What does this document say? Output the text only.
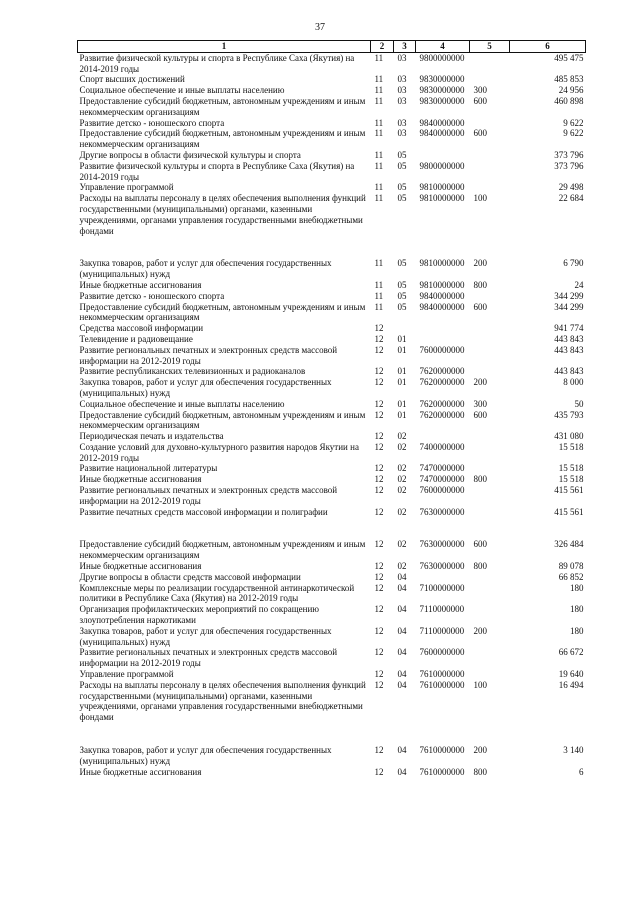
37
1	2	3	4	5	6
Развитие физической культуры и спорта в Республике Саха (Якутия) на 2014-2019 годы	11	03	9800000000		495 475
Спорт высших достижений	11	03	9830000000		485 853
Социальное обеспечение и иные выплаты населению	11	03	9830000000	300	24 956
Предоставление субсидий бюджетным, автономным учреждениям и иным некоммерческим организациям	11	03	9830000000	600	460 898
Развитие детско - юношеского спорта	11	03	9840000000		9 622
Предоставление субсидий бюджетным, автономным учреждениям и иным некоммерческим организациям	11	03	9840000000	600	9 622
Другие вопросы в области физической культуры и спорта	11	05			373 796
Развитие физической культуры и спорта в Республике Саха (Якутия) на 2014-2019 годы	11	05	9800000000		373 796
Управление программой	11	05	9810000000		29 498
Расходы на выплаты персоналу в целях обеспечения выполнения функций государственными (муниципальными) органами, казенными учреждениями, органами управления государственными внебюджетными фондами	11	05	9810000000	100	22 684

Закупка товаров, работ и услуг для обеспечения государственных (муниципальных) нужд	11	05	9810000000	200	6 790
Иные бюджетные ассигнования	11	05	9810000000	800	24
Развитие детско - юношеского спорта	11	05	9840000000		344 299
Предоставление субсидий бюджетным, автономным учреждениям и иным некоммерческим организациям	11	05	9840000000	600	344 299
Средства массовой информации	12				941 774
Телевидение и радиовещание	12	01			443 843
Развитие региональных печатных и электронных средств массовой информации на 2012-2019 годы	12	01	7600000000		443 843
Развитие республиканских телевизионных и радиоканалов	12	01	7620000000		443 843
Закупка товаров, работ и услуг для обеспечения государственных (муниципальных) нужд	12	01	7620000000	200	8 000
Социальное обеспечение и иные выплаты населению	12	01	7620000000	300	50
Предоставление субсидий бюджетным, автономным учреждениям и иным некоммерческим организациям	12	01	7620000000	600	435 793
Периодическая печать и издательства	12	02			431 080
Создание условий для духовно-культурного развития народов Якутии на 2012-2019 годы	12	02	7400000000		15 518
Развитие национальной литературы	12	02	7470000000		15 518
Иные бюджетные ассигнования	12	02	7470000000	800	15 518
Развитие региональных печатных и электронных средств массовой информации на 2012-2019 годы	12	02	7600000000		415 561
Развитие печатных средств массовой информации и полиграфии	12	02	7630000000		415 561

Предоставление субсидий бюджетным, автономным учреждениям и иным некоммерческим организациям	12	02	7630000000	600	326 484
Иные бюджетные ассигнования	12	02	7630000000	800	89 078
Другие вопросы в области средств массовой информации	12	04			66 852
Комплексные меры по реализации государственной антинаркотической политики в Республике Саха (Якутия) на 2012-2019 годы	12	04	7100000000		180
Организация профилактических мероприятий по сокращению злоупотребления наркотиками	12	04	7110000000		180
Закупка товаров, работ и услуг для обеспечения государственных (муниципальных) нужд	12	04	7110000000	200	180
Развитие региональных печатных и электронных средств массовой информации на 2012-2019 годы	12	04	7600000000		66 672
Управление программой	12	04	7610000000		19 640
Расходы на выплаты персоналу в целях обеспечения выполнения функций государственными (муниципальными) органами, казенными учреждениями, органами управления государственными внебюджетными фондами	12	04	7610000000	100	16 494

Закупка товаров, работ и услуг для обеспечения государственных (муниципальных) нужд	12	04	7610000000	200	3 140
Иные бюджетные ассигнования	12	04	7610000000	800	6
